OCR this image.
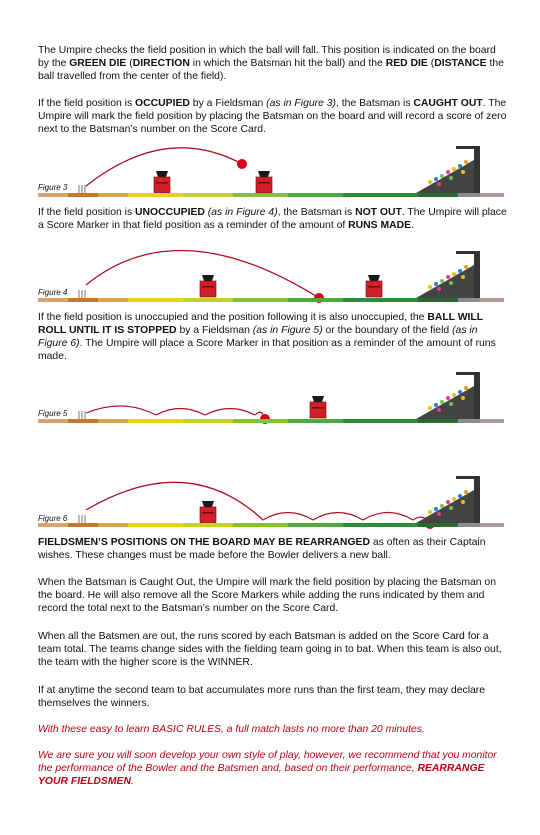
The Umpire checks the field position in which the ball will fall. This position is indicated on the board by the GREEN DIE (DIRECTION in which the Batsman hit the ball) and the RED DIE (DISTANCE the ball travelled from the center of the field).

If the field position is OCCUPIED by a Fieldsman (as in Figure 3), the Batsman is CAUGHT OUT. The Umpire will mark the field position by placing the Batsman on the board and will record a score of zero next to the Batsman’s number on the Score Card.

Figure 3

If the field position is UNOCCUPIED (as in Figure 4), the Batsman is NOT OUT. The Umpire will place a Score Marker in that field position as a reminder of the amount of RUNS MADE.

Figure 4

If the field position is unoccupied and the position following it is also unoccupied, the BALL WILL ROLL UNTIL IT IS STOPPED by a Fieldsman (as in Figure 5) or the boundary of the field (as in Figure 6). The Umpire will place a Score Marker in that position as a reminder of the amount of runs made.

Figure 5
Figure 6

FIELDSMEN’S POSITIONS ON THE BOARD MAY BE REARRANGED as often as their Captain wishes. These changes must be made before the Bowler delivers a new ball.

When the Batsman is Caught Out, the Umpire will mark the field position by placing the Batsman on the board. He will also remove all the Score Markers while adding the runs indicated by them and record the total next to the Batsman’s number on the Score Card.

When all the Batsmen are out, the runs scored by each Batsman is added on the Score Card for a team total. The teams change sides with the fielding team going in to bat. When this team is also out, the team with the higher score is the WINNER.

If at anytime the second team to bat accumulates more runs than the first team, they may declare themselves the winners.

With these easy to learn BASIC RULES, a full match lasts no more than 20 minutes.

We are sure you will soon develop your own style of play, however, we recommend that you monitor the performance of the Bowler and the Batsmen and, based on their performance, REARRANGE YOUR FIELDSMEN.
